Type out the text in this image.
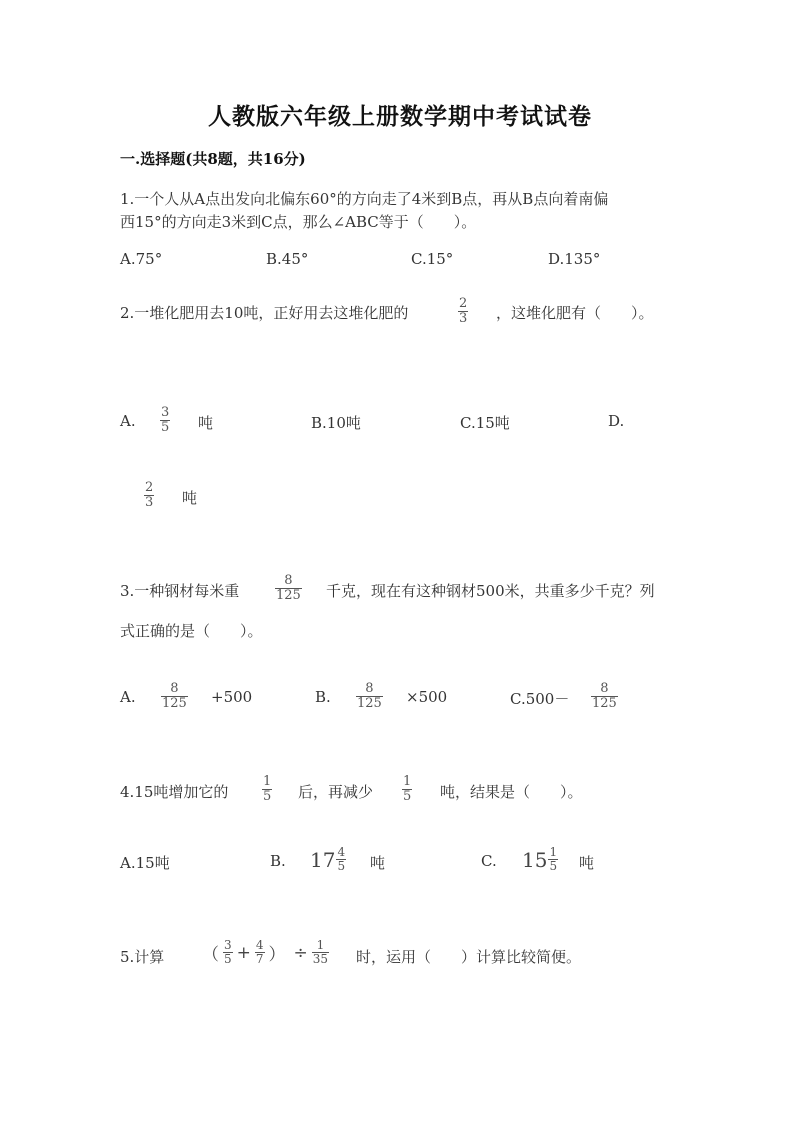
人教版六年级上册数学期中考试试卷
一.选择题(共8题，共16分)
1.一个人从A点出发向北偏东60°的方向走了4米到B点，再从B点向着南偏
西15°的方向走3米到C点，那么∠ABC等于（　　）。
A.75°	B.45°	C.15°	D.135°
2.一堆化肥用去10吨，正好用去这堆化肥的
2
3 ，这堆化肥有（　　）。
A. 3
5 吨	B.10吨	C.15吨	D.
2
3 吨
3.一种钢材每米重
8
125 千克，现在有这种钢材500米，共重多少千克？列
式正确的是（　　）。
A.	8
125 +500	B.	8
125 ×500	C.500－
8
125
4.15吨增加它的
1
5 后，再减少
1
5 吨，结果是（　　）。
A.15吨	B. $17 \frac{4}{5}$ 吨	C. $15 \frac{1}{5}$ 吨
5.计算 （ $\frac{3}{5} + \frac{4}{7}$ ） ÷ $\frac{1}{35}$ 时，运用（　　）计算比较简便。
